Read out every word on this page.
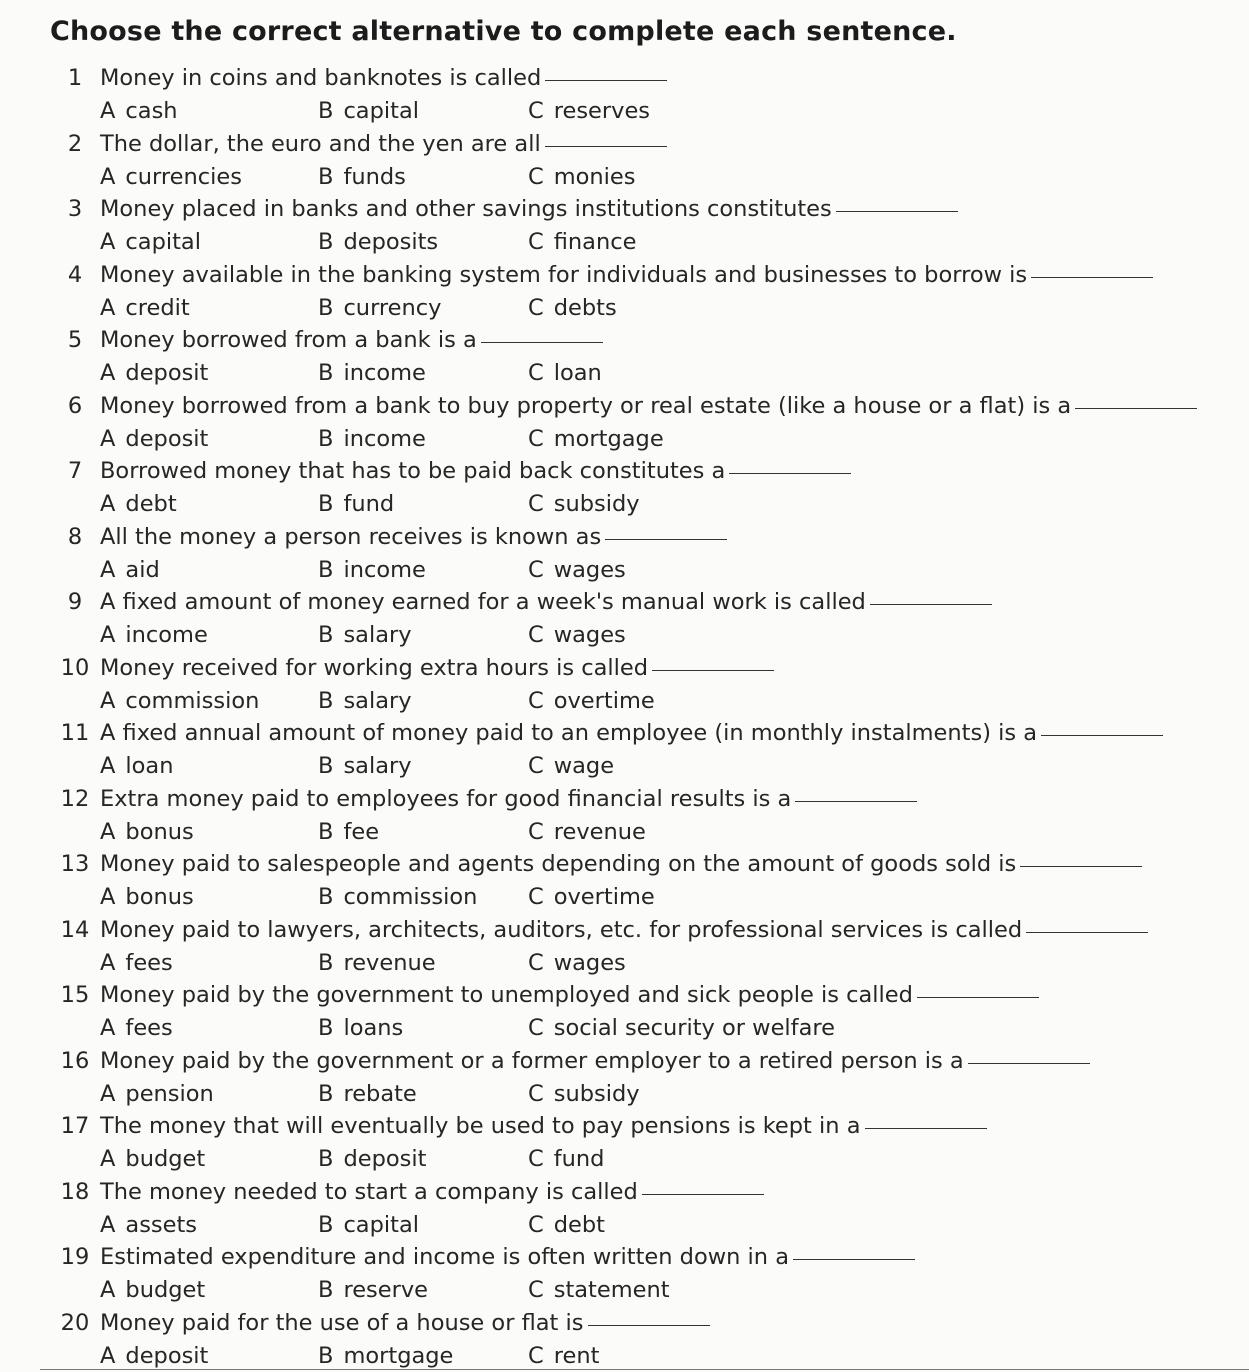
Choose the correct alternative to complete each sentence.
1 Money in coins and banknotes is called
A cash	B capital	C reserves
2 The dollar, the euro and the yen are all
A currencies	B funds	C monies
3 Money placed in banks and other savings institutions constitutes
A capital	B deposits	C finance
4 Money available in the banking system for individuals and businesses to borrow is
A credit	B currency	C debts
5 Money borrowed from a bank is a
A deposit	B income	C loan
6 Money borrowed from a bank to buy property or real estate (like a house or a flat) is a
A deposit	B income	C mortgage
7 Borrowed money that has to be paid back constitutes a
A debt	B fund	C subsidy
8 All the money a person receives is known as
A aid	B income	C wages
9 A fixed amount of money earned for a week's manual work is called
A income	B salary	C wages
10 Money received for working extra hours is called
A commission	B salary	C overtime
11 A fixed annual amount of money paid to an employee (in monthly instalments) is a
A loan	B salary	C wage
12 Extra money paid to employees for good financial results is a
A bonus	B fee	C revenue
13 Money paid to salespeople and agents depending on the amount of goods sold is
A bonus	B commission C overtime
14 Money paid to lawyers, architects, auditors, etc. for professional services is called
A fees	B revenue	C wages
15 Money paid by the government to unemployed and sick people is called
A fees	B loans	C social security or welfare
16 Money paid by the government or a former employer to a retired person is a
A pension	B rebate	C subsidy
17 The money that will eventually be used to pay pensions is kept in a
A budget	B deposit	C fund
18 The money needed to start a company is called
A assets	B capital	C debt
19 Estimated expenditure and income is often written down in a
A budget	B reserve	C statement
20 Money paid for the use of a house or flat is
A deposit	B mortgage	C rent
